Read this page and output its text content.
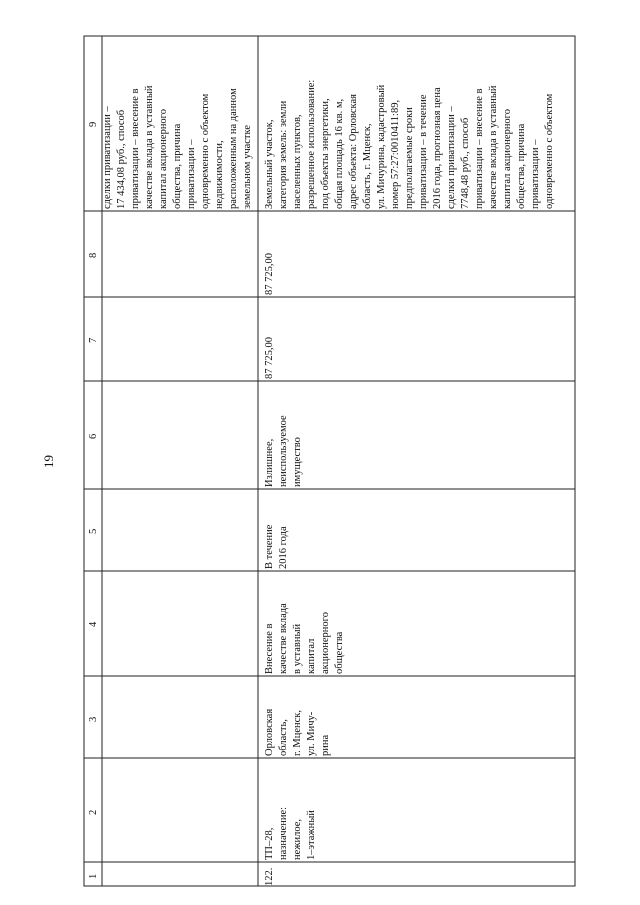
19
1
2
3
4
5
6
7
8
9 сделки приватизации – 17 434,08 руб., способ приватизации – внесение в качестве вклада в уставный капитал акционерного общества, причина приватизации – одновременно с объектом недвижимости, расположенным на данном земельном участке
122.
ТП–28, назначение: нежилое, 1–этажный
Орловская область, г. Мценск, ул. Мичу- рина
Внесение в качестве вклада в уставный капитал акционерного общества
В течение 2016 года
Излишнее, неиспользуемое имущество
87 725,00
87 725,00
Земельный участок, категория земель: земли населенных пунктов, разрешенное использование: под объекты энергетики, общая площадь 16 кв. м, адрес объекта: Орловская область, г. Мценск, ул. Мичурина, кадастровый номер 57:27:0010411:89, предполагаемые сроки приватизации – в течение 2016 года, прогнозная цена сделки приватизации – 7748,48 руб., способ приватизации – внесение в качестве вклада в уставный капитал акционерного общества, причина приватизации – одновременно с объектом
